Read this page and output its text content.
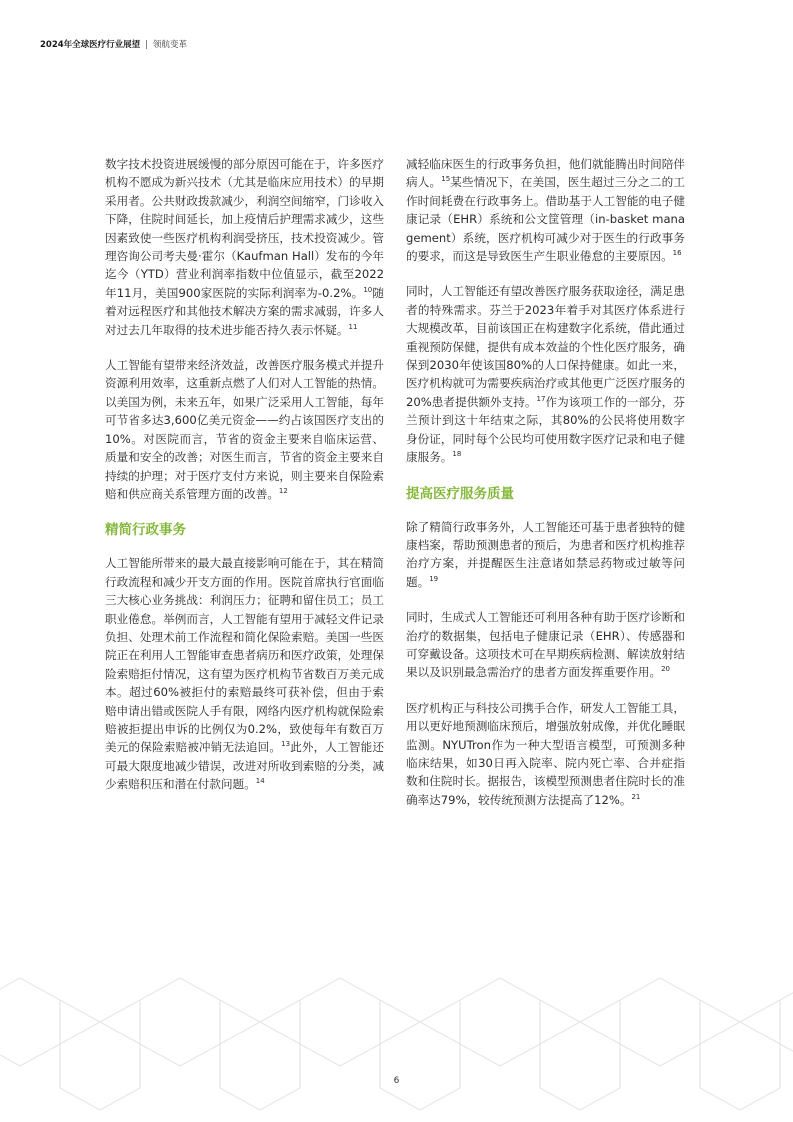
2024年全球医疗行业展望 | 领航变革

数字技术投资进展缓慢的部分原因可能在于，许多医疗机构不愿成为新兴技术（尤其是临床应用技术）的早期采用者。公共财政拨款减少，利润空间缩窄，门诊收入下降，住院时间延长，加上疫情后护理需求减少，这些因素致使一些医疗机构利润受挤压，技术投资减少。管理咨询公司考夫曼·霍尔（Kaufman Hall）发布的今年迄今（YTD）营业利润率指数中位值显示，截至2022年11月，美国900家医院的实际利润率为-0.2%。$^{10}$随着对远程医疗和其他技术解决方案的需求减弱，许多人对过去几年取得的技术进步能否持久表示怀疑。$^{11}$

人工智能有望带来经济效益，改善医疗服务模式并提升资源利用效率，这重新点燃了人们对人工智能的热情。以美国为例，未来五年，如果广泛采用人工智能，每年可节省多达3,600亿美元资金——约占该国医疗支出的10%。对医院而言，节省的资金主要来自临床运营、质量和安全的改善；对医生而言，节省的资金主要来自持续的护理；对于医疗支付方来说，则主要来自保险索赔和供应商关系管理方面的改善。$^{12}$

精简行政事务

人工智能所带来的最大最直接影响可能在于，其在精简行政流程和减少开支方面的作用。医院首席执行官面临三大核心业务挑战：利润压力；征聘和留住员工；员工职业倦怠。举例而言，人工智能有望用于减轻文件记录负担、处理术前工作流程和简化保险索赔。美国一些医院正在利用人工智能审查患者病历和医疗政策，处理保险索赔拒付情况，这有望为医疗机构节省数百万美元成本。超过60%被拒付的索赔最终可获补偿，但由于索赔申请出错或医院人手有限，网络内医疗机构就保险索赔被拒提出申诉的比例仅为0.2%，致使每年有数百万美元的保险索赔被冲销无法追回。$^{13}$此外，人工智能还可最大限度地减少错误，改进对所收到索赔的分类，减少索赔积压和潜在付款问题。$^{14}$

减轻临床医生的行政事务负担，他们就能腾出时间陪伴病人。$^{15}$某些情况下，在美国，医生超过三分之二的工作时间耗费在行政事务上。借助基于人工智能的电子健康记录（EHR）系统和公文筐管理（in-basket management）系统，医疗机构可减少对于医生的行政事务的要求，而这是导致医生产生职业倦怠的主要原因。$^{16}$

同时，人工智能还有望改善医疗服务获取途径，满足患者的特殊需求。芬兰于2023年着手对其医疗体系进行大规模改革，目前该国正在构建数字化系统，借此通过重视预防保健，提供有成本效益的个性化医疗服务，确保到2030年使该国80%的人口保持健康。如此一来，医疗机构就可为需要疾病治疗或其他更广泛医疗服务的20%患者提供额外支持。$^{17}$作为该项工作的一部分，芬兰预计到这十年结束之际，其80%的公民将使用数字身份证，同时每个公民均可使用数字医疗记录和电子健康服务。$^{18}$

提高医疗服务质量

除了精简行政事务外，人工智能还可基于患者独特的健康档案，帮助预测患者的预后，为患者和医疗机构推荐治疗方案，并提醒医生注意诸如禁忌药物或过敏等问题。$^{19}$

同时，生成式人工智能还可利用各种有助于医疗诊断和治疗的数据集，包括电子健康记录（EHR）、传感器和可穿戴设备。这项技术可在早期疾病检测、解读放射结果以及识别最急需治疗的患者方面发挥重要作用。$^{20}$

医疗机构正与科技公司携手合作，研发人工智能工具，用以更好地预测临床预后，增强放射成像，并优化睡眠监测。NYUTron作为一种大型语言模型，可预测多种临床结果，如30日再入院率、院内死亡率、合并症指数和住院时长。据报告，该模型预测患者住院时长的准确率达79%，较传统预测方法提高了12%。$^{21}$

6
